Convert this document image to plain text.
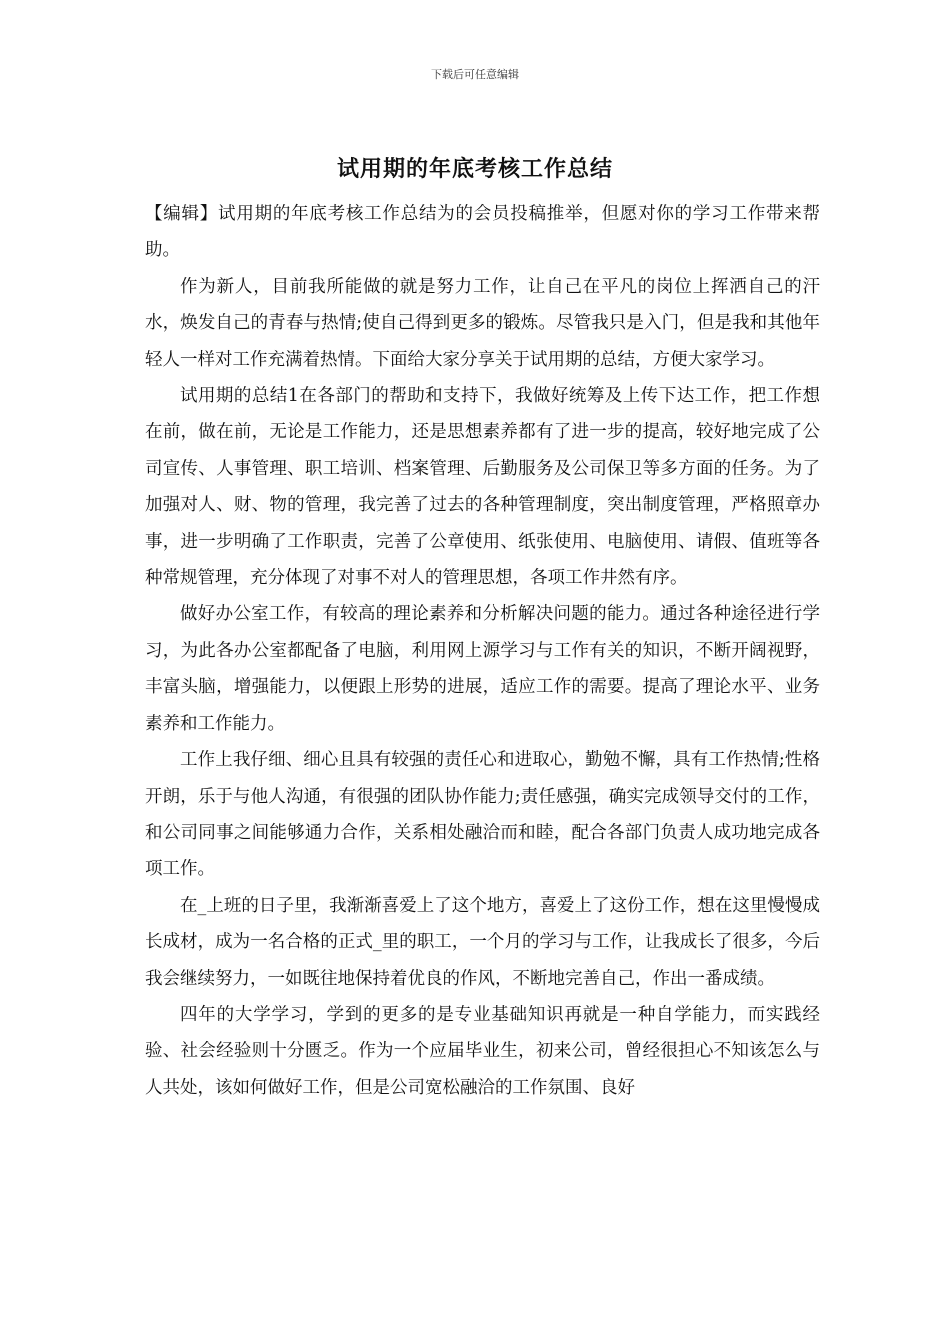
下载后可任意编辑
试用期的年底考核工作总结

【编辑】试用期的年底考核工作总结为的会员投稿推举，但愿对你的学习工作带来帮助。

作为新人，目前我所能做的就是努力工作，让自己在平凡的岗位上挥洒自己的汗水，焕发自己的青春与热情;使自己得到更多的锻炼。尽管我只是入门，但是我和其他年轻人一样对工作充满着热情。下面给大家分享关于试用期的总结，方便大家学习。

试用期的总结1在各部门的帮助和支持下，我做好统筹及上传下达工作，把工作想在前，做在前，无论是工作能力，还是思想素养都有了进一步的提高，较好地完成了公司宣传、人事管理、职工培训、档案管理、后勤服务及公司保卫等多方面的任务。为了加强对人、财、物的管理，我完善了过去的各种管理制度，突出制度管理，严格照章办事，进一步明确了工作职责，完善了公章使用、纸张使用、电脑使用、请假、值班等各种常规管理，充分体现了对事不对人的管理思想，各项工作井然有序。

做好办公室工作，有较高的理论素养和分析解决问题的能力。通过各种途径进行学习，为此各办公室都配备了电脑，利用网上源学习与工作有关的知识，不断开阔视野，丰富头脑，增强能力，以便跟上形势的进展，适应工作的需要。提高了理论水平、业务素养和工作能力。

工作上我仔细、细心且具有较强的责任心和进取心，勤勉不懈，具有工作热情;性格开朗，乐于与他人沟通，有很强的团队协作能力;责任感强，确实完成领导交付的工作，和公司同事之间能够通力合作，关系相处融洽而和睦，配合各部门负责人成功地完成各项工作。

在_上班的日子里，我渐渐喜爱上了这个地方，喜爱上了这份工作，想在这里慢慢成长成材，成为一名合格的正式_里的职工，一个月的学习与工作，让我成长了很多，今后我会继续努力，一如既往地保持着优良的作风，不断地完善自己，作出一番成绩。

四年的大学学习，学到的更多的是专业基础知识再就是一种自学能力，而实践经验、社会经验则十分匮乏。作为一个应届毕业生，初来公司，曾经很担心不知该怎么与人共处，该如何做好工作，但是公司宽松融洽的工作氛围、良好
